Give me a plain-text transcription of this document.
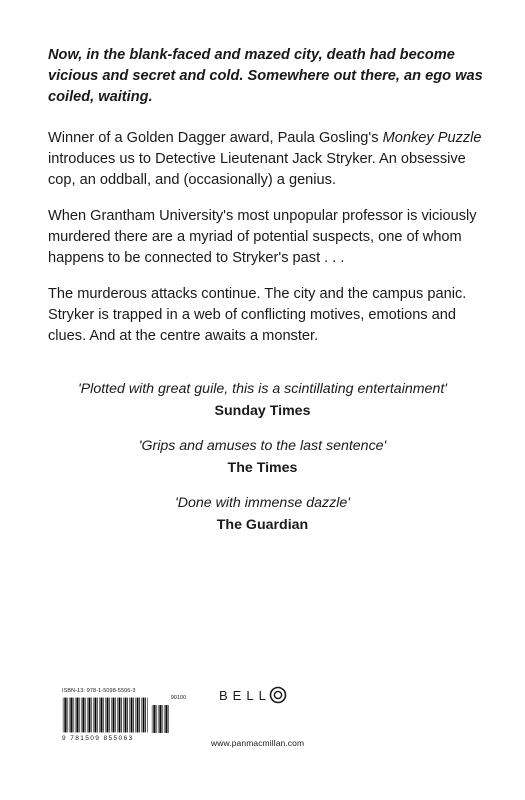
Now, in the blank-faced and mazed city, death had become vicious and secret and cold. Somewhere out there, an ego was coiled, waiting.

Winner of a Golden Dagger award, Paula Gosling's Monkey Puzzle introduces us to Detective Lieutenant Jack Stryker. An obsessive cop, an oddball, and (occasionally) a genius.

When Grantham University's most unpopular professor is viciously murdered there are a myriad of potential suspects, one of whom happens to be connected to Stryker's past . . .

The murderous attacks continue. The city and the campus panic. Stryker is trapped in a web of conflicting motives, emotions and clues. And at the centre awaits a monster.

'Plotted with great guile, this is a scintillating entertainment'
Sunday Times
'Grips and amuses to the last sentence'
The Times
'Done with immense dazzle'
The Guardian
ISBN-13: 978-1-5098-5506-3
90100
9 781509 855063
BELL
www.panmacmillan.com
